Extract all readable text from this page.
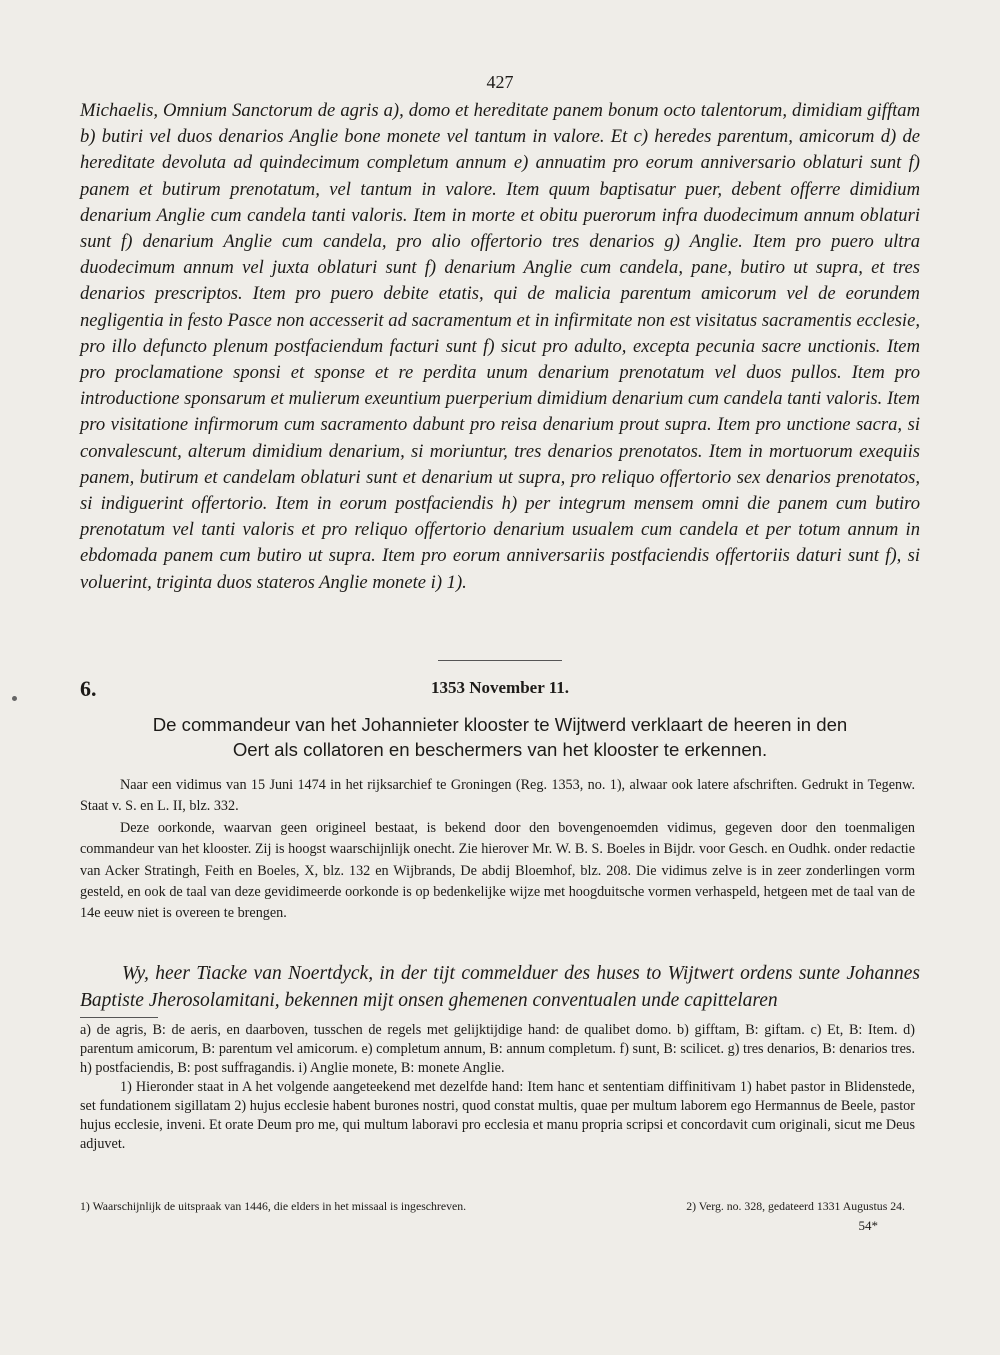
427

Michaelis, Omnium Sanctorum de agris a), domo et hereditate panem bonum octo talentorum, dimidiam gifftam b) butiri vel duos denarios Anglie bone monete vel tantum in valore. Et c) heredes parentum, amicorum d) de hereditate devoluta ad quindecimum completum annum e) annuatim pro eorum anniversario oblaturi sunt f) panem et butirum prenotatum, vel tantum in valore. Item quum baptisatur puer, debent offerre dimidium denarium Anglie cum candela tanti valoris. Item in morte et obitu puerorum infra duodecimum annum oblaturi sunt f) denarium Anglie cum candela, pro alio offertorio tres denarios g) Anglie. Item pro puero ultra duodecimum annum vel juxta oblaturi sunt f) denarium Anglie cum candela, pane, butiro ut supra, et tres denarios prescriptos. Item pro puero debite etatis, qui de malicia parentum amicorum vel de eorundem negligentia in festo Pasce non accesserit ad sacramentum et in infirmitate non est visitatus sacramentis ecclesie, pro illo defuncto plenum postfaciendum facturi sunt f) sicut pro adulto, excepta pecunia sacre unctionis. Item pro proclamatione sponsi et sponse et re perdita unum denarium prenotatum vel duos pullos. Item pro introductione sponsarum et mulierum exeuntium puerperium dimidium denarium cum candela tanti valoris. Item pro visitatione infirmorum cum sacramento dabunt pro reisa denarium prout supra. Item pro unctione sacra, si convalescunt, alterum dimidium denarium, si moriuntur, tres denarios prenotatos. Item in mortuorum exequiis panem, butirum et candelam oblaturi sunt et denarium ut supra, pro reliquo offertorio sex denarios prenotatos, si indiguerint offertorio. Item in eorum postfaciendis h) per integrum mensem omni die panem cum butiro prenotatum vel tanti valoris et pro reliquo offertorio denarium usualem cum candela et per totum annum in ebdomada panem cum butiro ut supra. Item pro eorum anniversariis postfaciendis offertoriis daturi sunt f), si voluerint, triginta duos stateros Anglie monete i) 1).

6.	1353 November 11.

De commandeur van het Johannieter klooster te Wijtwerd verklaart de heeren in den Oert als collatoren en beschermers van het klooster te erkennen.

Naar een vidimus van 15 Juni 1474 in het rijksarchief te Groningen (Reg. 1353, no. 1), alwaar ook latere afschriften. Gedrukt in Tegenw. Staat v. S. en L. II, blz. 332.

Deze oorkonde, waarvan geen origineel bestaat, is bekend door den bovengenoemden vidimus, gegeven door den toenmaligen commandeur van het klooster. Zij is hoogst waarschijnlijk onecht. Zie hierover Mr. W. B. S. Boeles in Bijdr. voor Gesch. en Oudhk. onder redactie van Acker Stratingh, Feith en Boeles, X, blz. 132 en Wijbrands, De abdij Bloemhof, blz. 208. Die vidimus zelve is in zeer zonderlingen vorm gesteld, en ook de taal van deze gevidimeerde oorkonde is op bedenkelijke wijze met hoogduitsche vormen verhaspeld, hetgeen met de taal van de 14e eeuw niet is overeen te brengen.

Wy, heer Tiacke van Noertdyck, in der tijt commelduer des huses to Wijtwert ordens sunte Johannes Baptiste Jherosolamitani, bekennen mijt onsen ghemenen conventualen unde capittelaren

a) de agris, B: de aeris, en daarboven, tusschen de regels met gelijktijdige hand: de qualibet domo. b) gifftam, B: giftam. c) Et, B: Item. d) parentum amicorum, B: parentum vel amicorum. e) completum annum, B: annum completum. f) sunt, B: scilicet. g) tres denarios, B: denarios tres. h) postfaciendis, B: post suffragandis. i) Anglie monete, B: monete Anglie.

1) Hieronder staat in A het volgende aangeteekend met dezelfde hand: Item hanc et sententiam diffinitivam 1) habet pastor in Blidenstede, set fundationem sigillatam 2) hujus ecclesie habent burones nostri, quod constat multis, quae per multum laborem ego Hermannus de Beele, pastor hujus ecclesie, inveni. Et orate Deum pro me, qui multum laboravi pro ecclesia et manu propria scripsi et concordavit cum originali, sicut me Deus adjuvet.

1) Waarschijnlijk de uitspraak van 1446, die elders in het missaal is ingeschreven.	2) Verg. no. 328, gedateerd 1331 Augustus 24.
54*
